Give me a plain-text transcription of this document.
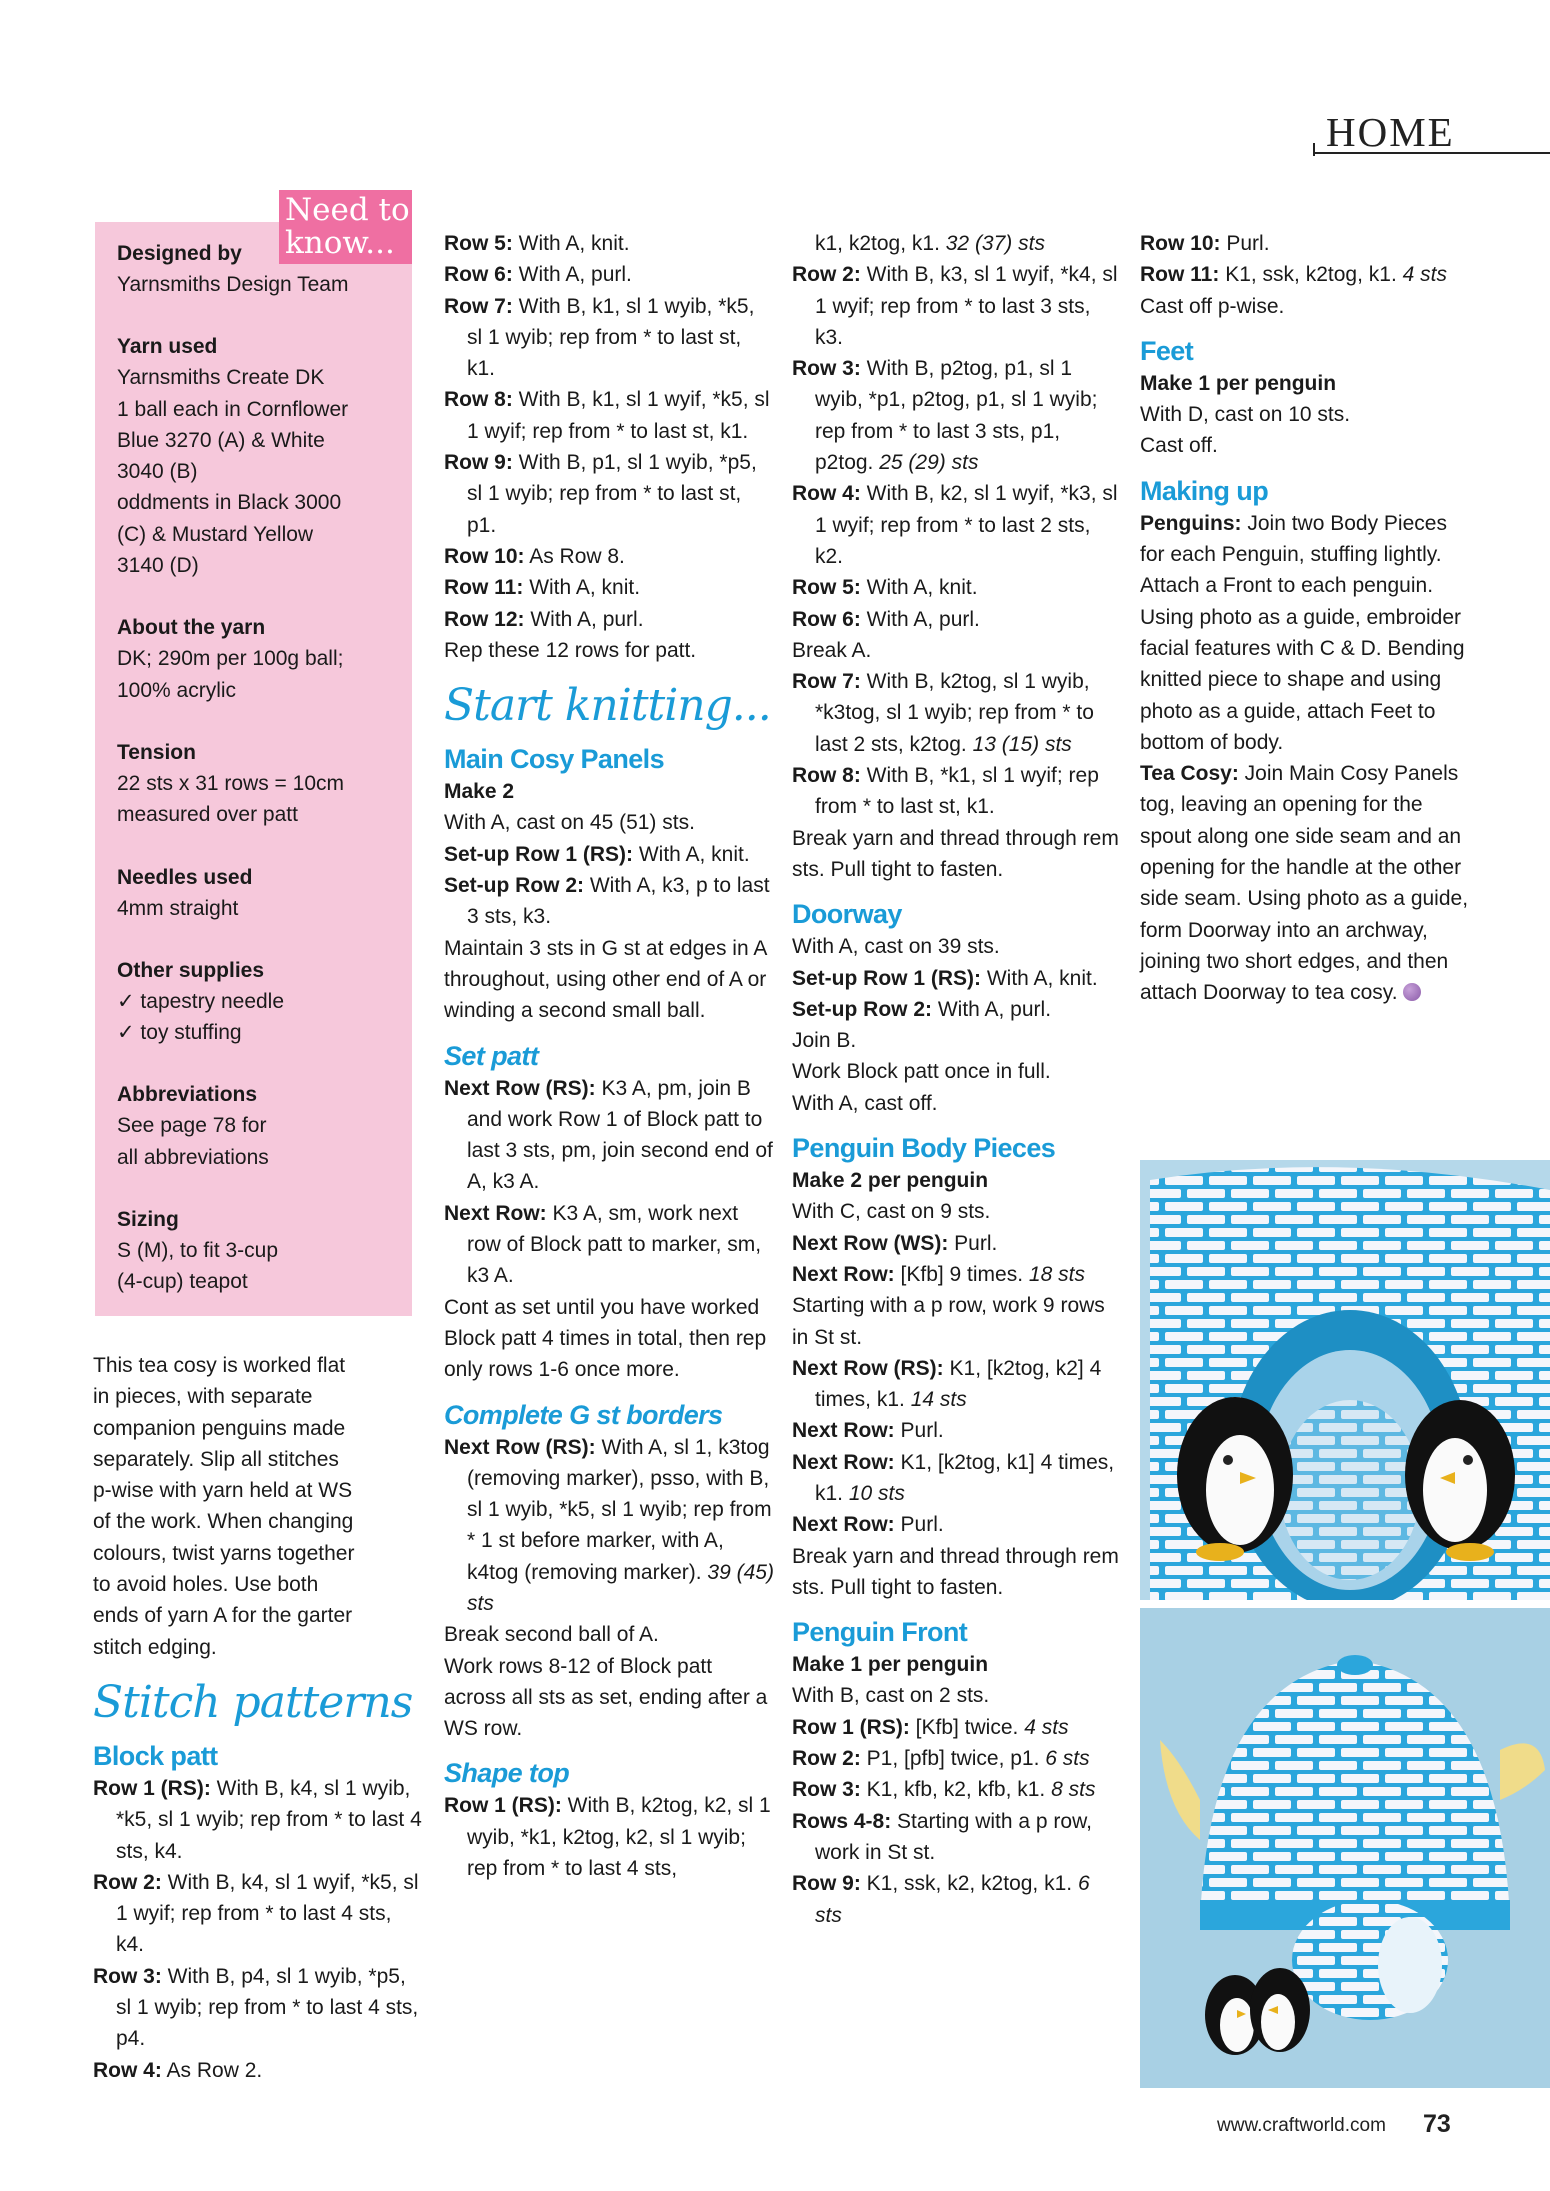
HOME
Designed by
Yarnsmiths Design Team
Yarn used
Yarnsmiths Create DK
1 ball each in Cornflower
Blue 3270 (A) & White
3040 (B)
oddments in Black 3000
(C) & Mustard Yellow
3140 (D)
About the yarn
DK; 290m per 100g ball;
100% acrylic
Tension
22 sts x 31 rows = 10cm
measured over patt
Needles used
4mm straight
Other supplies
✓ tapestry needle
✓ toy stuffing
Abbreviations
See page 78 for
all abbreviations
Sizing
S (M), to fit 3-cup
(4-cup) teapot
Need to
know...
This tea cosy is worked flat
in pieces, with separate
companion penguins made
separately. Slip all stitches
p-wise with yarn held at WS
of the work. When changing
colours, twist yarns together
to avoid holes. Use both
ends of yarn A for the garter
stitch edging.
Stitch patterns
Block patt

Row 1 (RS): With B, k4, sl 1 wyib, *k5, sl 1 wyib; rep from * to last 4 sts, k4.

Row 2: With B, k4, sl 1 wyif, *k5, sl 1 wyif; rep from * to last 4 sts, k4.

Row 3: With B, p4, sl 1 wyib, *p5, sl 1 wyib; rep from * to last 4 sts, p4.

Row 4: As Row 2.

Row 5: With A, knit.

Row 6: With A, purl.

Row 7: With B, k1, sl 1 wyib, *k5, sl 1 wyib; rep from * to last st, k1.

Row 8: With B, k1, sl 1 wyif, *k5, sl 1 wyif; rep from * to last st, k1.

Row 9: With B, p1, sl 1 wyib, *p5, sl 1 wyib; rep from * to last st, p1.

Row 10: As Row 8.

Row 11: With A, knit.

Row 12: With A, purl.

Rep these 12 rows for patt.

Start knitting...
Main Cosy Panels

Make 2

With A, cast on 45 (51) sts.

Set-up Row 1 (RS): With A, knit.

Set-up Row 2: With A, k3, p to last 3 sts, k3.

Maintain 3 sts in G st at edges in A throughout, using other end of A or winding a second small ball.

Set patt

Next Row (RS): K3 A, pm, join B and work Row 1 of Block patt to last 3 sts, pm, join second end of A, k3 A.

Next Row: K3 A, sm, work next row of Block patt to marker, sm, k3 A.

Cont as set until you have worked Block patt 4 times in total, then rep only rows 1-6 once more.

Complete G st borders

Next Row (RS): With A, sl 1, k3tog (removing marker), psso, with B, sl 1 wyib, *k5, sl 1 wyib; rep from * 1 st before marker, with A, k4tog (removing marker). 39 (45) sts

Break second ball of A.

Work rows 8-12 of Block patt across all sts as set, ending after a WS row.

Shape top

Row 1 (RS): With B, k2tog, k2, sl 1 wyib, *k1, k2tog, k2, sl 1 wyib; rep from * to last 4 sts,

k1, k2tog, k1. 32 (37) sts

Row 2: With B, k3, sl 1 wyif, *k4, sl 1 wyif; rep from * to last 3 sts, k3.

Row 3: With B, p2tog, p1, sl 1 wyib, *p1, p2tog, p1, sl 1 wyib; rep from * to last 3 sts, p1, p2tog. 25 (29) sts

Row 4: With B, k2, sl 1 wyif, *k3, sl 1 wyif; rep from * to last 2 sts, k2.

Row 5: With A, knit.

Row 6: With A, purl.

Break A.

Row 7: With B, k2tog, sl 1 wyib, *k3tog, sl 1 wyib; rep from * to last 2 sts, k2tog. 13 (15) sts

Row 8: With B, *k1, sl 1 wyif; rep from * to last st, k1.

Break yarn and thread through rem sts. Pull tight to fasten.

Doorway

With A, cast on 39 sts.

Set-up Row 1 (RS): With A, knit.

Set-up Row 2: With A, purl.

Join B.

Work Block patt once in full.

With A, cast off.

Penguin Body Pieces

Make 2 per penguin

With C, cast on 9 sts.

Next Row (WS): Purl.

Next Row: [Kfb] 9 times. 18 sts

Starting with a p row, work 9 rows in St st.

Next Row (RS): K1, [k2tog, k2] 4 times, k1. 14 sts

Next Row: Purl.

Next Row: K1, [k2tog, k1] 4 times, k1. 10 sts

Next Row: Purl.

Break yarn and thread through rem sts. Pull tight to fasten.

Penguin Front

Make 1 per penguin

With B, cast on 2 sts.

Row 1 (RS): [Kfb] twice. 4 sts

Row 2: P1, [pfb] twice, p1. 6 sts

Row 3: K1, kfb, k2, kfb, k1. 8 sts

Rows 4-8: Starting with a p row, work in St st.

Row 9: K1, ssk, k2, k2tog, k1. 6 sts

Row 10: Purl.

Row 11: K1, ssk, k2tog, k1. 4 sts

Cast off p-wise.

Feet

Make 1 per penguin

With D, cast on 10 sts.

Cast off.

Making up

Penguins: Join two Body Pieces for each Penguin, stuffing lightly. Attach a Front to each penguin. Using photo as a guide, embroider facial features with C & D. Bending knitted piece to shape and using photo as a guide, attach Feet to bottom of body.

Tea Cosy: Join Main Cosy Panels tog, leaving an opening for the spout along one side seam and an opening for the handle at the other side seam. Using photo as a guide, form Doorway into an archway, joining two short edges, and then attach Doorway to tea cosy.

www.craftworld.com 73
